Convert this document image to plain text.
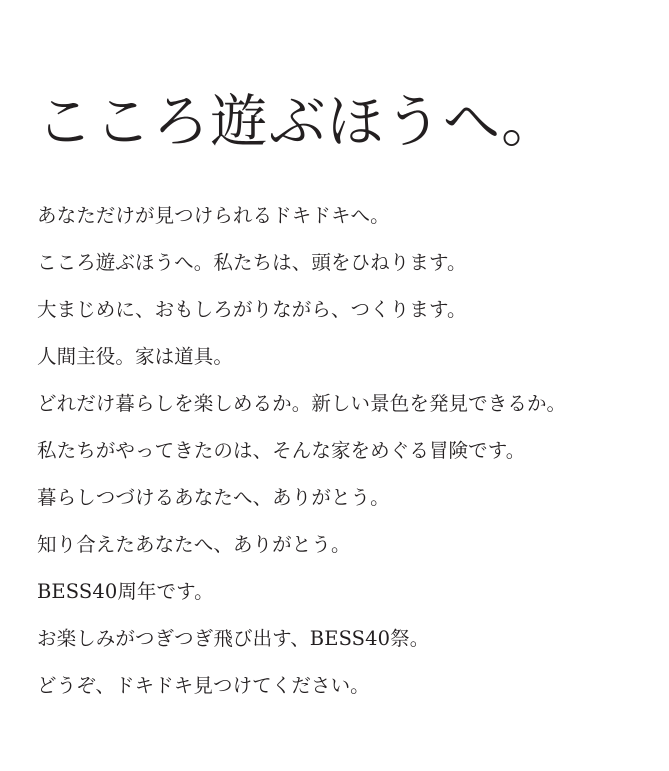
こころ遊ぶほうへ。

あなただけが見つけられるドキドキへ。

こころ遊ぶほうへ。私たちは、頭をひねります。

大まじめに、おもしろがりながら、つくります。

人間主役。家は道具。

どれだけ暮らしを楽しめるか。新しい景色を発見できるか。

私たちがやってきたのは、そんな家をめぐる冒険です。

暮らしつづけるあなたへ、ありがとう。

知り合えたあなたへ、ありがとう。

BESS40周年です。

お楽しみがつぎつぎ飛び出す、BESS40祭。

どうぞ、ドキドキ見つけてください。
